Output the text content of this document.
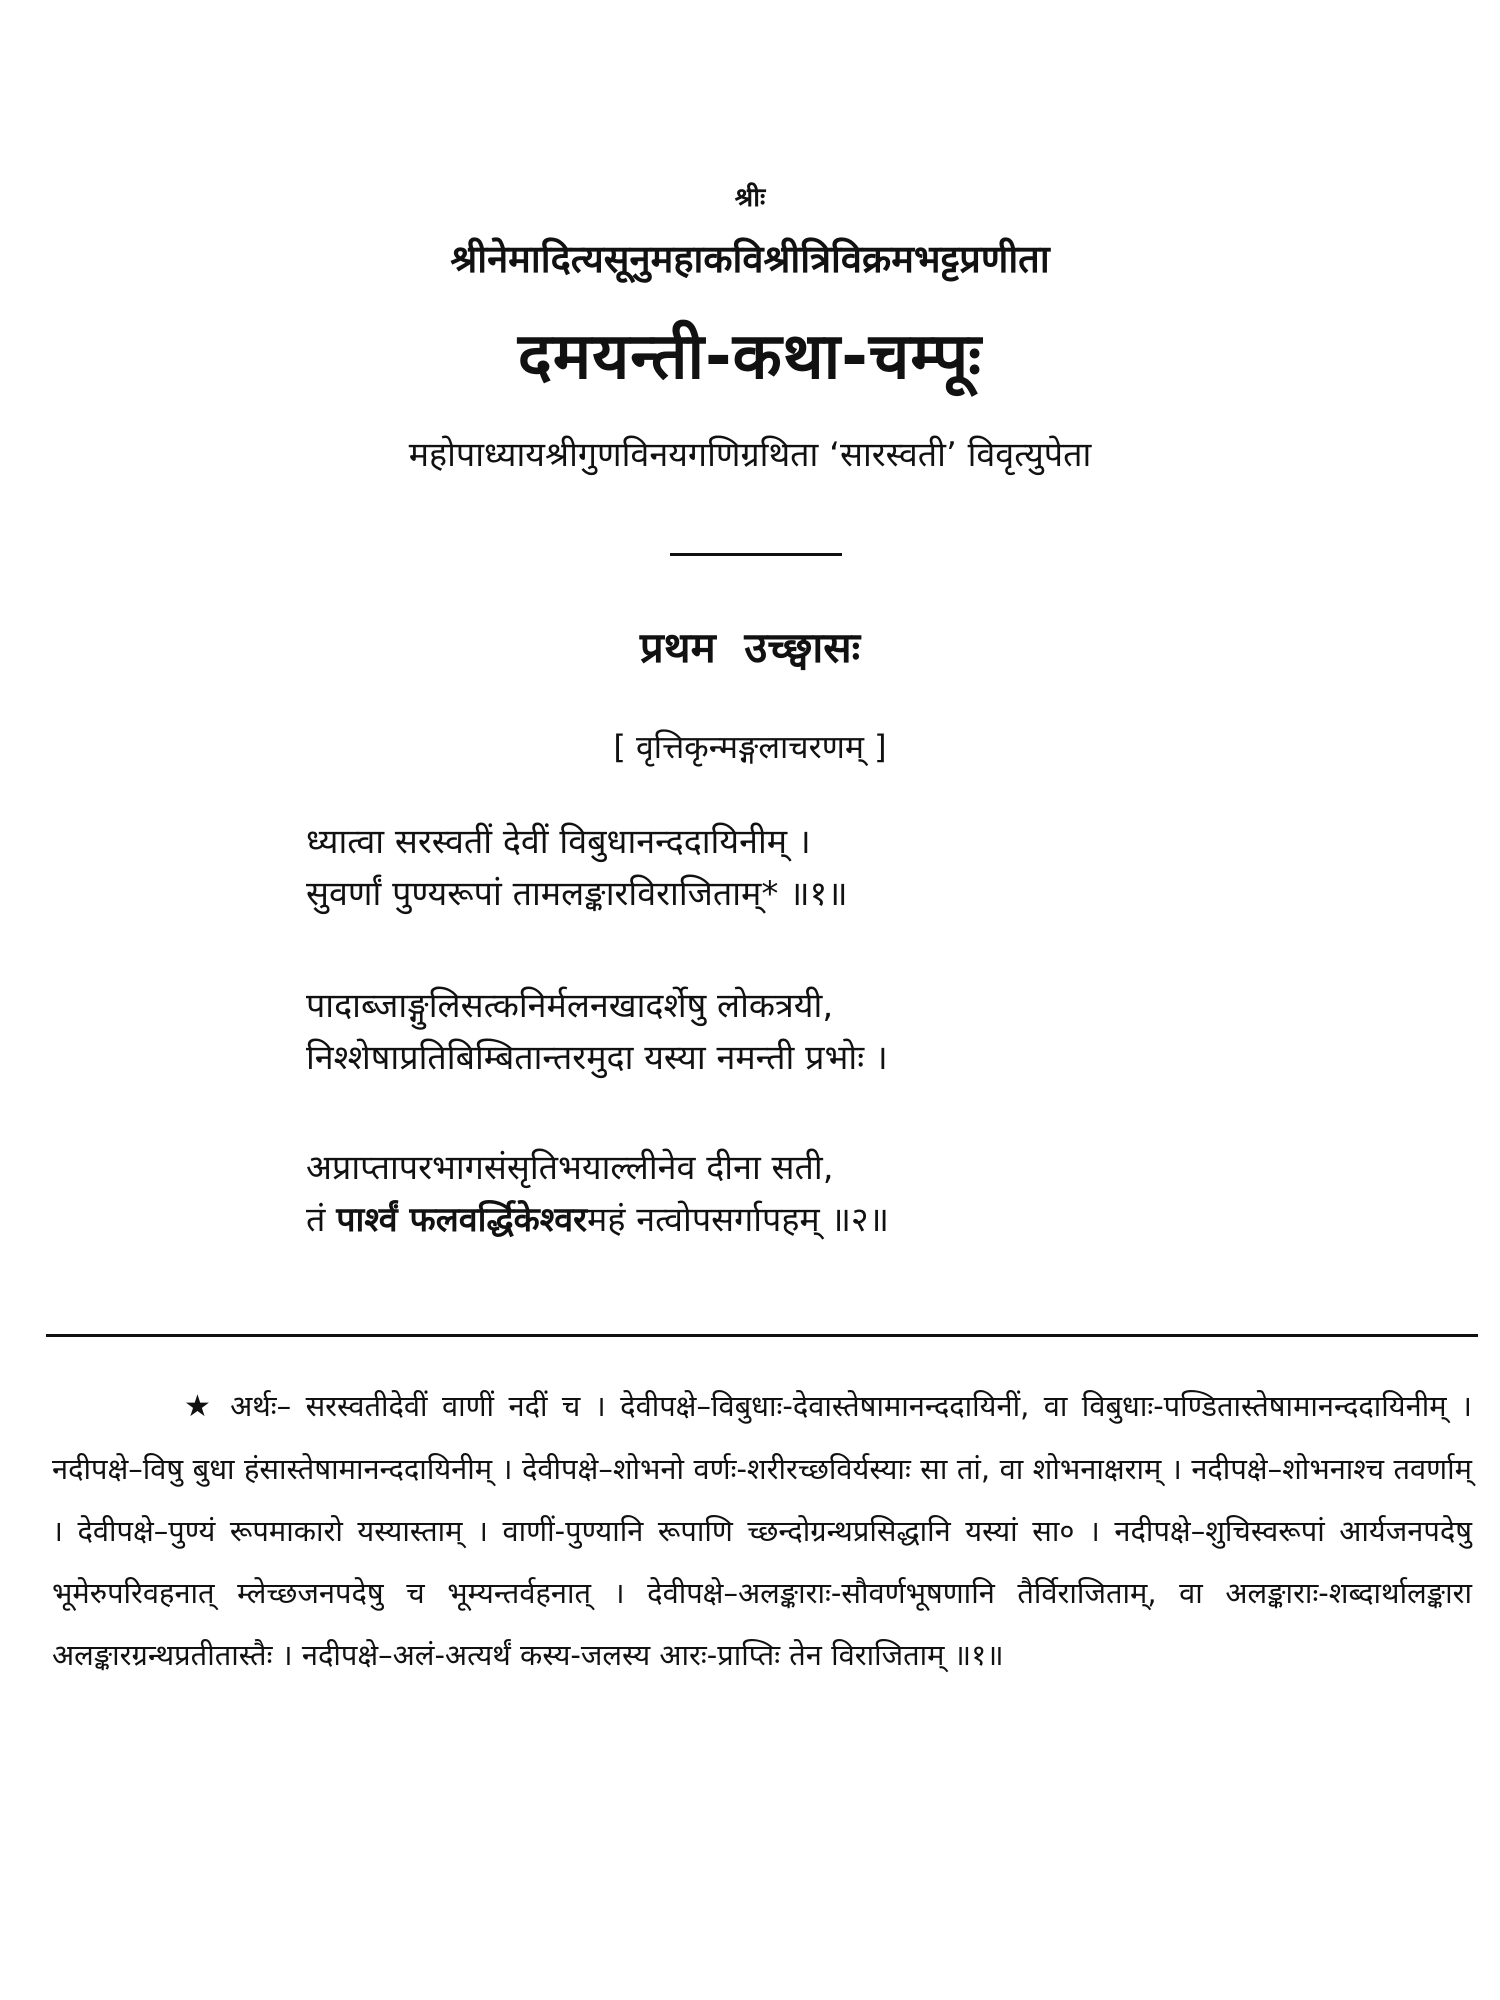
श्रीः
श्रीनेमादित्यसूनुमहाकविश्रीत्रिविक्रमभट्टप्रणीता
दमयन्ती-कथा-चम्पूः
महोपाध्यायश्रीगुणविनयगणिग्रथिता ‘सारस्वती’ विवृत्युपेता
प्रथम उच्छ्वासः
[ वृत्तिकृन्मङ्गलाचरणम् ]
ध्यात्वा सरस्वतीं देवीं विबुधानन्ददायिनीम् ।
सुवर्णां पुण्यरूपां तामलङ्कारविराजिताम्* ॥१॥
पादाब्जाङ्गुलिसत्कनिर्मलनखादर्शेषु लोकत्रयी,
निश्शेषाप्रतिबिम्बितान्तरमुदा यस्या नमन्ती प्रभोः ।
अप्राप्तापरभागसंसृतिभयाल्लीनेव दीना सती,
तं पार्श्वं फलवर्द्धिकेश्वरमहं नत्वोपसर्गापहम् ॥२॥
★ अर्थः– सरस्वतीदेवीं वाणीं नदीं च । देवीपक्षे–विबुधाः-देवास्तेषामानन्ददायिनीं, वा विबुधाः-पण्डितास्तेषामानन्ददायिनीम् । नदीपक्षे–विषु बुधा हंसास्तेषामानन्ददायिनीम् । देवीपक्षे–शोभनो वर्णः-शरीरच्छविर्यस्याः सा तां, वा शोभनाक्षराम् । नदीपक्षे–शोभनाश्च तवर्णाम् । देवीपक्षे–पुण्यं रूपमाकारो यस्यास्ताम् । वाणीं-पुण्यानि रूपाणि च्छन्दोग्रन्थप्रसिद्धानि यस्यां सा० । नदीपक्षे–शुचिस्वरूपां आर्यजनपदेषु भूमेरुपरिवहनात् म्लेच्छजनपदेषु च भूम्यन्तर्वहनात् । देवीपक्षे–अलङ्काराः-सौवर्णभूषणानि तैर्विराजिताम्, वा अलङ्काराः-शब्दार्थालङ्कारा अलङ्कारग्रन्थप्रतीतास्तैः । नदीपक्षे–अलं-अत्यर्थं कस्य-जलस्य आरः-प्राप्तिः तेन विराजिताम् ॥१॥
